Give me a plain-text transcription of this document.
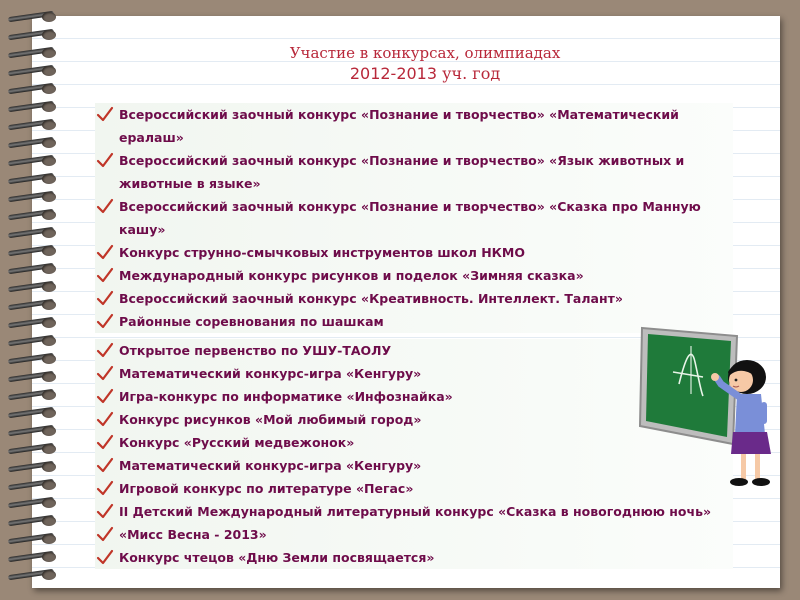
Участие в конкурсах, олимпиадах
2012-2013 уч. год
Всероссийский заочный конкурс «Познание и творчество» «Математический ералаш»
Всероссийский заочный конкурс «Познание и творчество» «Язык животных и животные в языке»
Всероссийский заочный конкурс «Познание и творчество» «Сказка про Манную кашу»
Конкурс струнно-смычковых инструментов школ НКМО
Международный конкурс рисунков и поделок «Зимняя сказка»
Всероссийский заочный конкурс «Креативность. Интеллект. Талант»
Районные соревнования по шашкам
Открытое первенство по УШУ-ТАОЛУ
Математический конкурс-игра «Кенгуру»
Игра-конкурс по информатике «Инфознайка»
Конкурс рисунков «Мой любимый город»
Конкурс «Русский медвежонок»
Математический конкурс-игра «Кенгуру»
Игровой конкурс по литературе «Пегас»
II Детский Международный литературный конкурс «Сказка в новогоднюю ночь»
«Мисс Весна - 2013»
Конкурс чтецов «Дню Земли посвящается»
